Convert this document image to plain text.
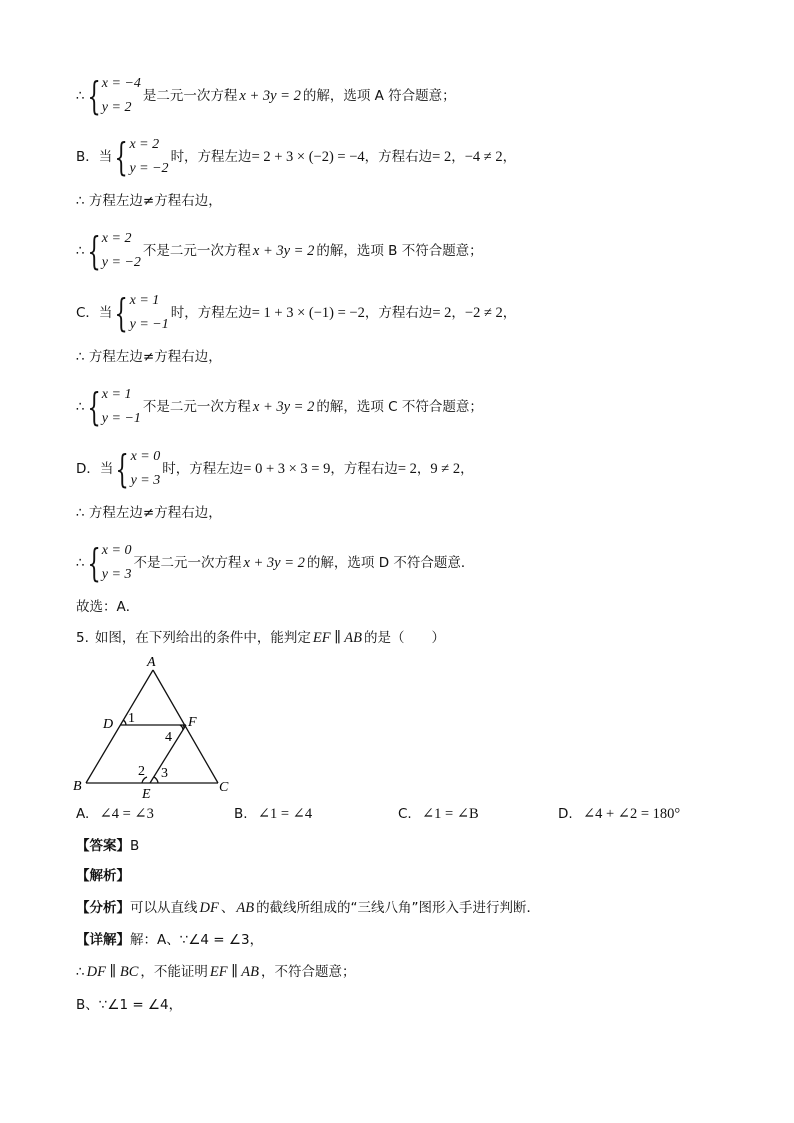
∴ { x = −4
y = 2
是二元一次方程 x + 3y = 2 的解，选项 A 符合题意；
B．当 { x = 2
y = −2
时，方程左边 = 2 + 3 × (−2) = −4 ，方程右边 = 2 ， −4 ≠ 2 ，
∴ 方程左边≠方程右边，
∴ { x = 2
y = −2
不是二元一次方程 x + 3y = 2 的解，选项 B 不符合题意；
C．当 { x = 1
y = −1
时，方程左边 = 1 + 3 × (−1) = −2 ，方程右边 = 2 ， −2 ≠ 2 ，
∴ 方程左边≠方程右边，
∴ { x = 1
y = −1
不是二元一次方程 x + 3y = 2 的解，选项 C 不符合题意；
D．当 { x = 0
y = 3
时，方程左边 = 0 + 3 × 3 = 9 ，方程右边 = 2 ， 9 ≠ 2 ，
∴ 方程左边≠方程右边，
∴ { x = 0
y = 3
不是二元一次方程 x + 3y = 2 的解，选项 D 不符合题意．
故选：A．
5. 如图，在下列给出的条件中，能判定 EF ∥ AB 的是（　　）
A
D 1	F
4
2 3
B
E	C
A. ∠4 = ∠3	B. ∠1 = ∠4	C. ∠1 = ∠B	D. ∠4 + ∠2 = 180°
【答案】 B
【解析】
【分析】 可以从直线 DF 、 AB 的截线所组成的“三线八角”图形入手进行判断．
【详解】 解：A、∵∠4 = ∠3，
∴ DF ∥ BC ，不能证明 EF ∥ AB ，不符合题意；
B、∵∠1 = ∠4，
